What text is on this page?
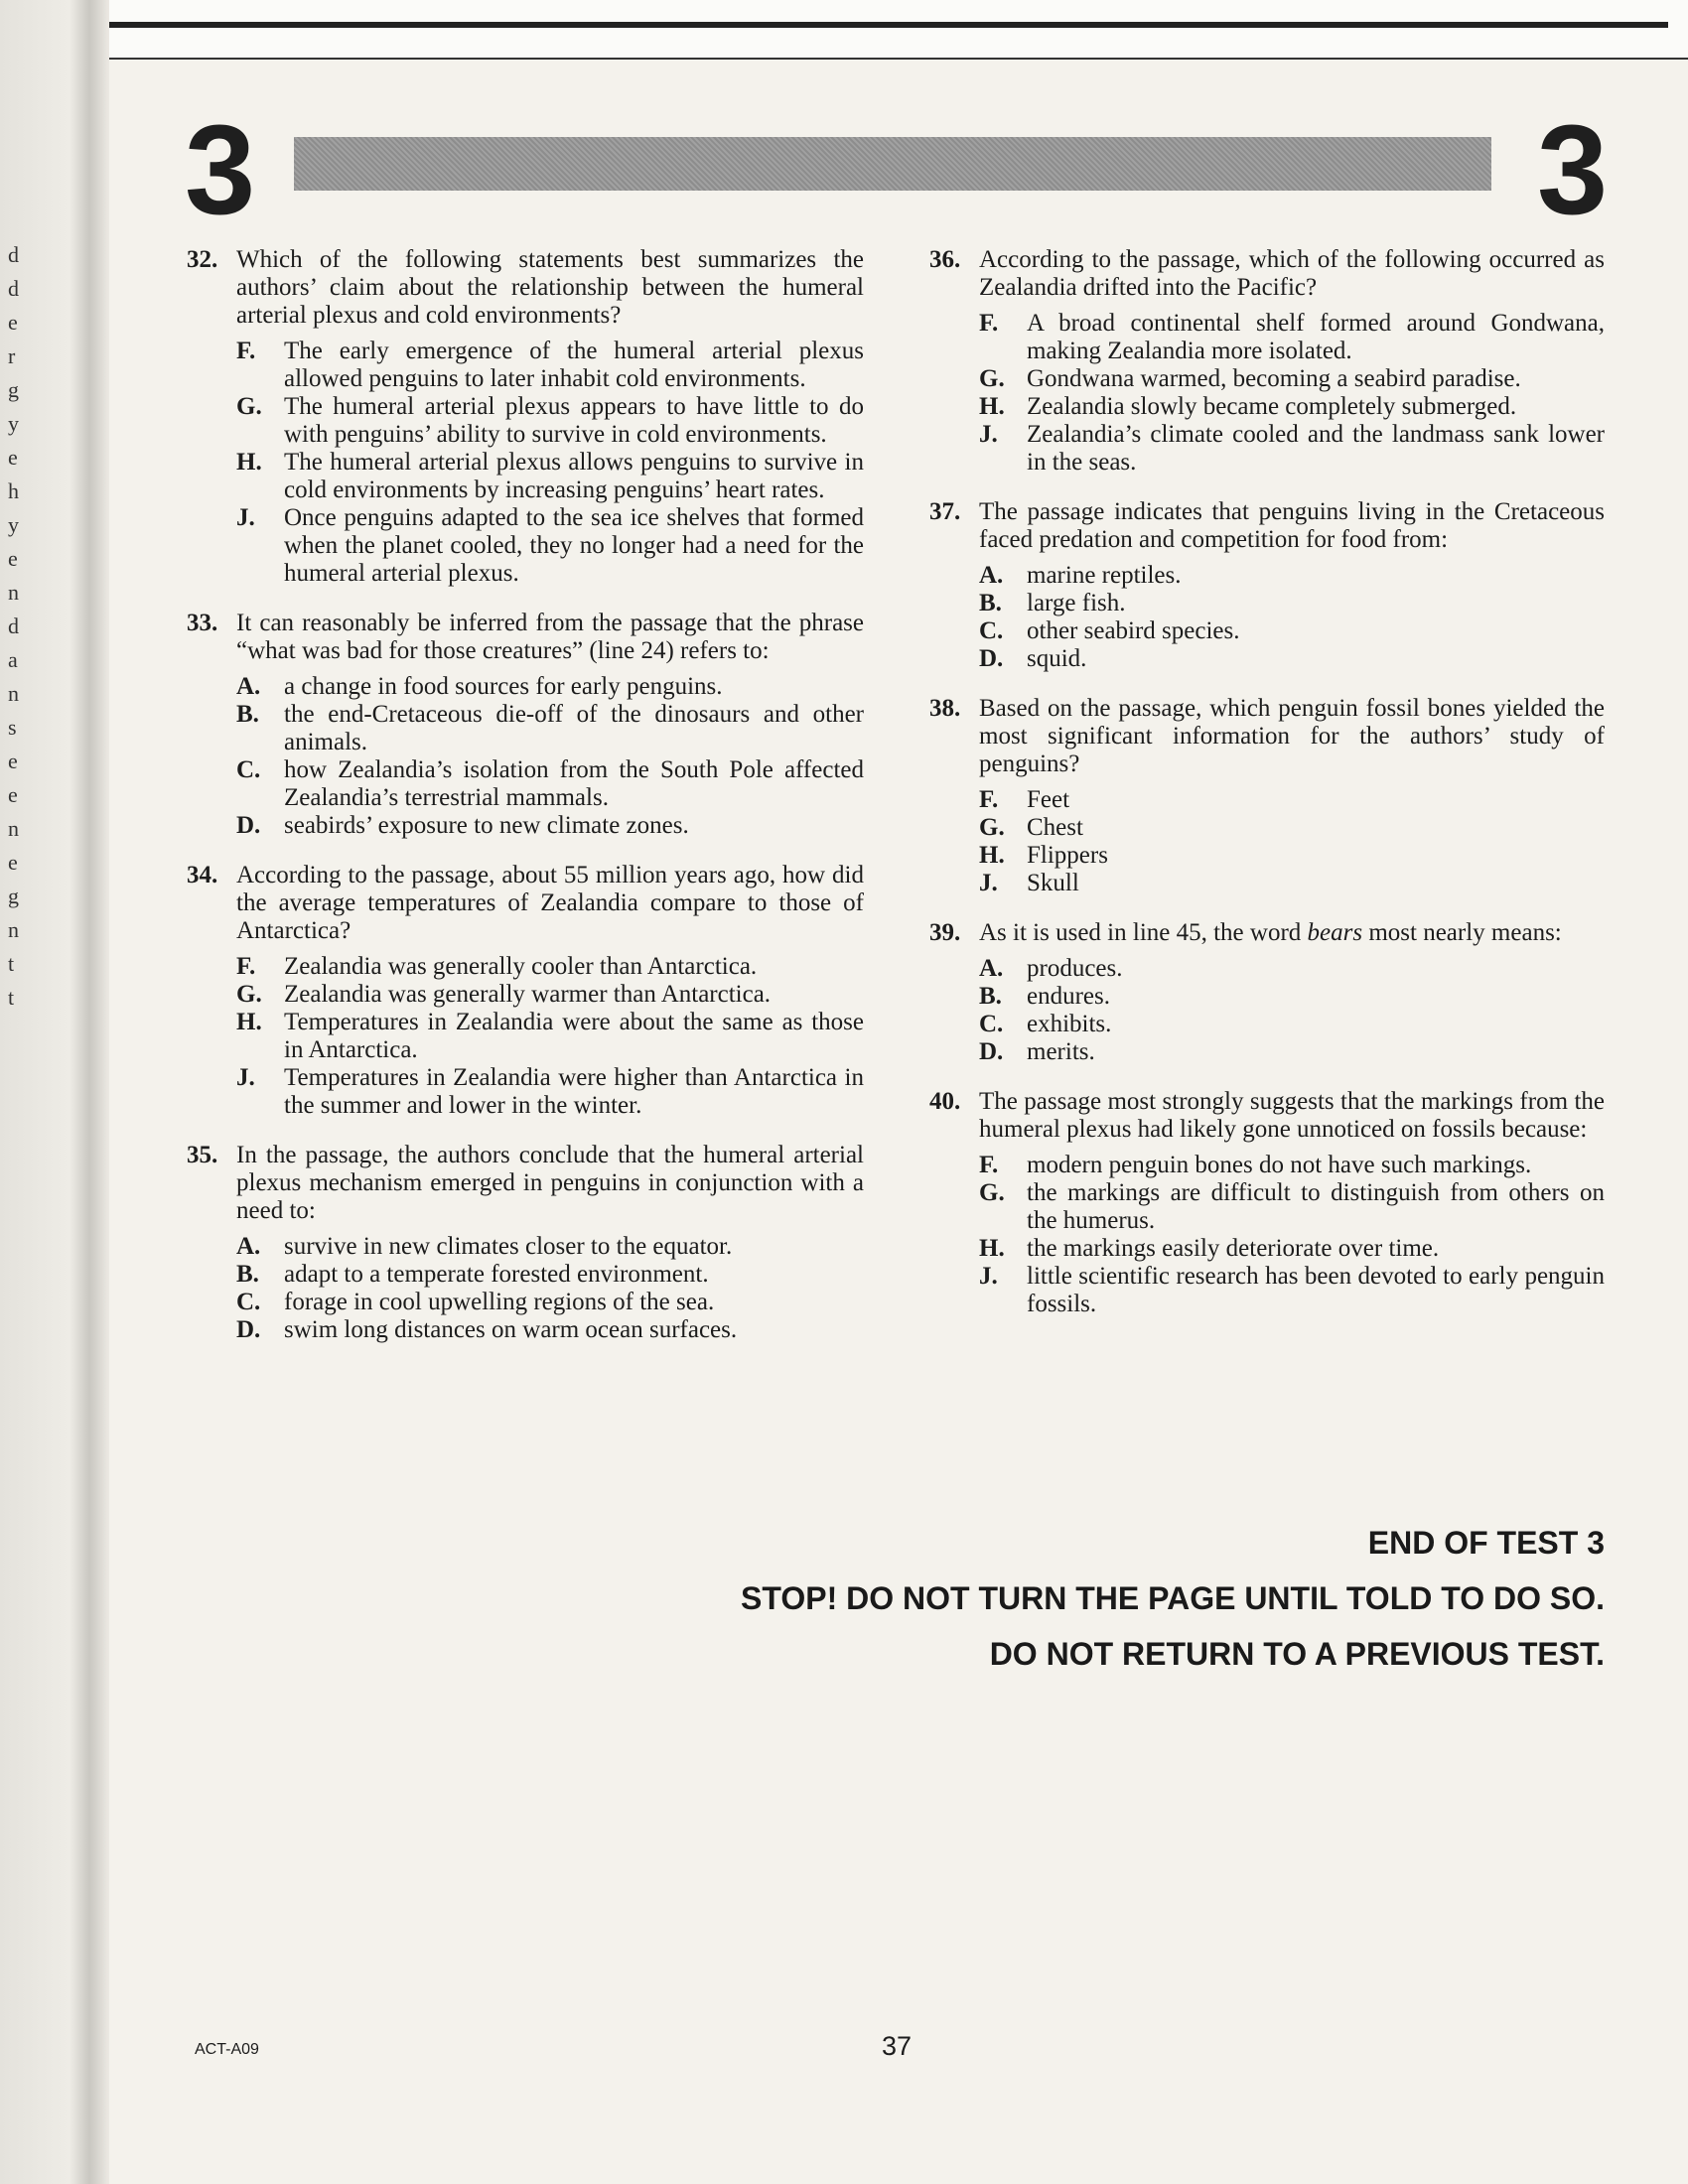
d
d
e
r
g
y
e
h
y
e
n
d
a
n
s
e
e
n
e
g
n
t
t
3	3
32. Which of the following statements best summarizes the authors’ claim about the relationship between the humeral arterial plexus and cold environments?
F.	The early emergence of the humeral arterial plexus allowed penguins to later inhabit cold environments.
G. The humeral arterial plexus appears to have little to do with penguins’ ability to survive in cold environments.
H. The humeral arterial plexus allows penguins to survive in cold environments by increasing penguins’ heart rates.
J.	Once penguins adapted to the sea ice shelves that formed when the planet cooled, they no longer had a need for the humeral arterial plexus.
33. It can reasonably be inferred from the passage that the phrase “what was bad for those creatures” (line 24) refers to:
A. a change in food sources for early penguins.
B.	the end-Cretaceous die-off of the dinosaurs and other animals.
C. how Zealandia’s isolation from the South Pole affected Zealandia’s terrestrial mammals.
D. seabirds’ exposure to new climate zones.
34. According to the passage, about 55 million years ago, how did the average temperatures of Zealandia compare to those of Antarctica?
F.	Zealandia was generally cooler than Antarctica.
G. Zealandia was generally warmer than Antarctica.
H. Temperatures in Zealandia were about the same as those in Antarctica.
J.	Temperatures in Zealandia were higher than Antarctica in the summer and lower in the winter.
35. In the passage, the authors conclude that the humeral arterial plexus mechanism emerged in penguins in conjunction with a need to:
A. survive in new climates closer to the equator.
B.	adapt to a temperate forested environment.
C. forage in cool upwelling regions of the sea.
D. swim long distances on warm ocean surfaces.
36. According to the passage, which of the following occurred as Zealandia drifted into the Pacific?
F.	A broad continental shelf formed around Gondwana, making Zealandia more isolated.
G. Gondwana warmed, becoming a seabird paradise.
H. Zealandia slowly became completely submerged.
J.	Zealandia’s climate cooled and the landmass sank lower in the seas.
37. The passage indicates that penguins living in the Cretaceous faced predation and competition for food from:
A. marine reptiles.
B.	large fish.
C. other seabird species.
D. squid.
38. Based on the passage, which penguin fossil bones yielded the most significant information for the authors’ study of penguins?
F.	Feet
G. Chest
H. Flippers
J.	Skull
39. As it is used in line 45, the word bears most nearly means:
A. produces.
B.	endures.
C. exhibits.
D. merits.
40. The passage most strongly suggests that the markings from the humeral plexus had likely gone unnoticed on fossils because:
F.	modern penguin bones do not have such markings.
G. the markings are difficult to distinguish from others on the humerus.
H. the markings easily deteriorate over time.
J.	little scientific research has been devoted to early penguin fossils.
END OF TEST 3
STOP! DO NOT TURN THE PAGE UNTIL TOLD TO DO SO.
DO NOT RETURN TO A PREVIOUS TEST.
ACT-A09	37
